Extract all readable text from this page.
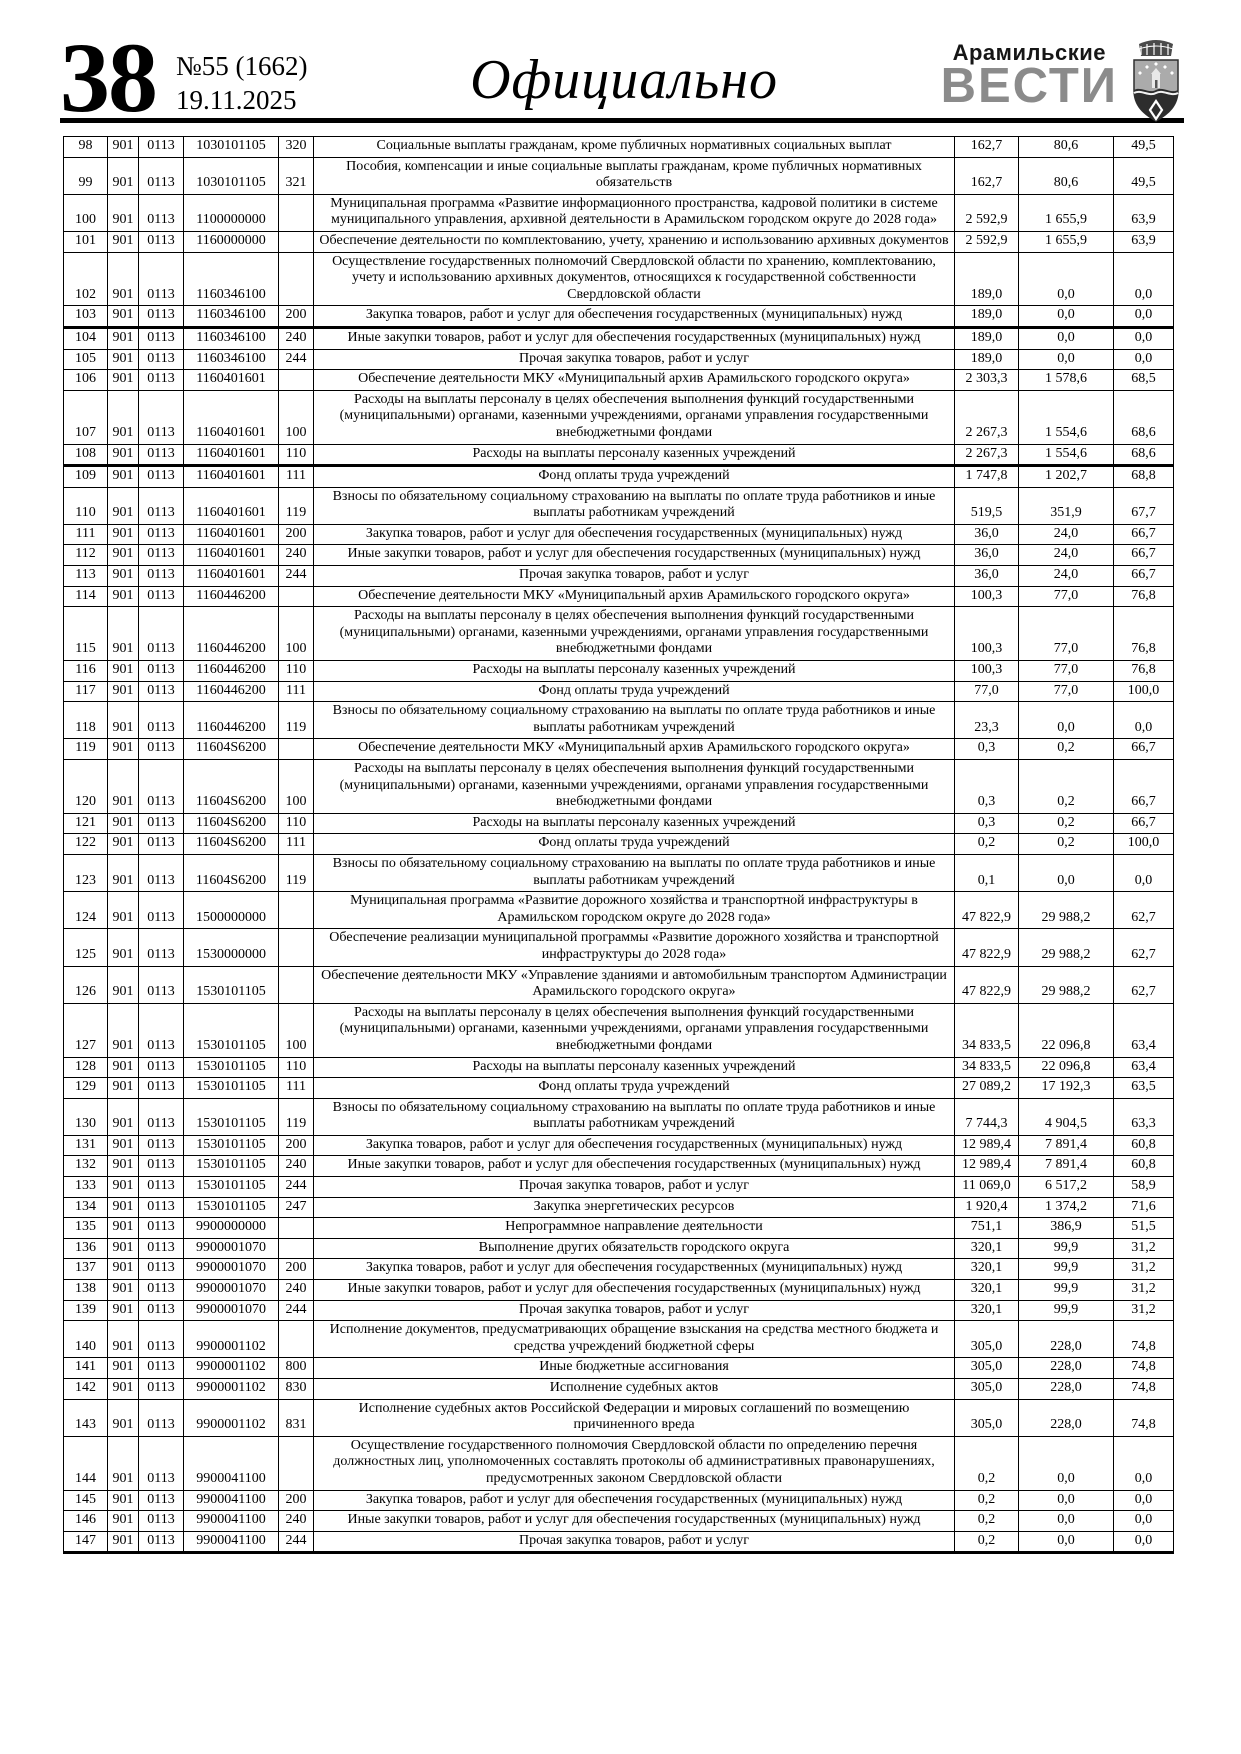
38 №55 (1662)
19.11.2025	Официально	Арамильские
ВЕСТИ
98	901	0113	1030101105	320	Социальные выплаты гражданам, кроме публичных нормативных социальных выплат	162,7	80,6	49,5
99	901	0113	1030101105	321	Пособия, компенсации и иные социальные выплаты гражданам, кроме публичных нормативных обязательств	162,7	80,6	49,5
100	901	0113	1100000000		Муниципальная программа «Развитие информационного пространства, кадровой политики в системе муниципального управления, архивной деятельности в Арамильском городском округе до 2028 года»	2 592,9	1 655,9	63,9
101	901	0113	1160000000		Обеспечение деятельности по комплектованию, учету, хранению и использованию архивных документов	2 592,9	1 655,9	63,9
102	901	0113	1160346100		Осуществление государственных полномочий Свердловской области по хранению, комплектованию, учету и использованию архивных документов, относящихся к государственной собственности Свердловской области	189,0	0,0	0,0
103	901	0113	1160346100	200	Закупка товаров, работ и услуг для обеспечения государственных (муниципальных) нужд	189,0	0,0	0,0
104	901	0113	1160346100	240	Иные закупки товаров, работ и услуг для обеспечения государственных (муниципальных) нужд	189,0	0,0	0,0
105	901	0113	1160346100	244	Прочая закупка товаров, работ и услуг	189,0	0,0	0,0
106	901	0113	1160401601		Обеспечение деятельности МКУ «Муниципальный архив Арамильского городского округа»	2 303,3	1 578,6	68,5
107	901	0113	1160401601	100	Расходы на выплаты персоналу в целях обеспечения выполнения функций государственными (муниципальными) органами, казенными учреждениями, органами управления государственными внебюджетными фондами	2 267,3	1 554,6	68,6
108	901	0113	1160401601	110	Расходы на выплаты персоналу казенных учреждений	2 267,3	1 554,6	68,6
109	901	0113	1160401601	111	Фонд оплаты труда учреждений	1 747,8	1 202,7	68,8
110	901	0113	1160401601	119	Взносы по обязательному социальному страхованию на выплаты по оплате труда работников и иные выплаты работникам учреждений	519,5	351,9	67,7
111	901	0113	1160401601	200	Закупка товаров, работ и услуг для обеспечения государственных (муниципальных) нужд	36,0	24,0	66,7
112	901	0113	1160401601	240	Иные закупки товаров, работ и услуг для обеспечения государственных (муниципальных) нужд	36,0	24,0	66,7
113	901	0113	1160401601	244	Прочая закупка товаров, работ и услуг	36,0	24,0	66,7
114	901	0113	1160446200		Обеспечение деятельности МКУ «Муниципальный архив Арамильского городского округа»	100,3	77,0	76,8
115	901	0113	1160446200	100	Расходы на выплаты персоналу в целях обеспечения выполнения функций государственными (муниципальными) органами, казенными учреждениями, органами управления государственными внебюджетными фондами	100,3	77,0	76,8
116	901	0113	1160446200	110	Расходы на выплаты персоналу казенных учреждений	100,3	77,0	76,8
117	901	0113	1160446200	111	Фонд оплаты труда учреждений	77,0	77,0	100,0
118	901	0113	1160446200	119	Взносы по обязательному социальному страхованию на выплаты по оплате труда работников и иные выплаты работникам учреждений	23,3	0,0	0,0
119	901	0113	11604S6200		Обеспечение деятельности МКУ «Муниципальный архив Арамильского городского округа»	0,3	0,2	66,7
120	901	0113	11604S6200	100	Расходы на выплаты персоналу в целях обеспечения выполнения функций государственными (муниципальными) органами, казенными учреждениями, органами управления государственными внебюджетными фондами	0,3	0,2	66,7
121	901	0113	11604S6200	110	Расходы на выплаты персоналу казенных учреждений	0,3	0,2	66,7
122	901	0113	11604S6200	111	Фонд оплаты труда учреждений	0,2	0,2	100,0
123	901	0113	11604S6200	119	Взносы по обязательному социальному страхованию на выплаты по оплате труда работников и иные выплаты работникам учреждений	0,1	0,0	0,0
124	901	0113	1500000000		Муниципальная программа «Развитие дорожного хозяйства и транспортной инфраструктуры в Арамильском городском округе до 2028 года»	47 822,9	29 988,2	62,7
125	901	0113	1530000000		Обеспечение реализации муниципальной программы «Развитие дорожного хозяйства и транспортной инфраструктуры до 2028 года»	47 822,9	29 988,2	62,7
126	901	0113	1530101105		Обеспечение деятельности МКУ «Управление зданиями и автомобильным транспортом Администрации Арамильского городского округа»	47 822,9	29 988,2	62,7
127	901	0113	1530101105	100	Расходы на выплаты персоналу в целях обеспечения выполнения функций государственными (муниципальными) органами, казенными учреждениями, органами управления государственными внебюджетными фондами	34 833,5	22 096,8	63,4
128	901	0113	1530101105	110	Расходы на выплаты персоналу казенных учреждений	34 833,5	22 096,8	63,4
129	901	0113	1530101105	111	Фонд оплаты труда учреждений	27 089,2	17 192,3	63,5
130	901	0113	1530101105	119	Взносы по обязательному социальному страхованию на выплаты по оплате труда работников и иные выплаты работникам учреждений	7 744,3	4 904,5	63,3
131	901	0113	1530101105	200	Закупка товаров, работ и услуг для обеспечения государственных (муниципальных) нужд	12 989,4	7 891,4	60,8
132	901	0113	1530101105	240	Иные закупки товаров, работ и услуг для обеспечения государственных (муниципальных) нужд	12 989,4	7 891,4	60,8
133	901	0113	1530101105	244	Прочая закупка товаров, работ и услуг	11 069,0	6 517,2	58,9
134	901	0113	1530101105	247	Закупка энергетических ресурсов	1 920,4	1 374,2	71,6
135	901	0113	9900000000		Непрограммное направление деятельности	751,1	386,9	51,5
136	901	0113	9900001070		Выполнение других обязательств городского округа	320,1	99,9	31,2
137	901	0113	9900001070	200	Закупка товаров, работ и услуг для обеспечения государственных (муниципальных) нужд	320,1	99,9	31,2
138	901	0113	9900001070	240	Иные закупки товаров, работ и услуг для обеспечения государственных (муниципальных) нужд	320,1	99,9	31,2
139	901	0113	9900001070	244	Прочая закупка товаров, работ и услуг	320,1	99,9	31,2
140	901	0113	9900001102		Исполнение документов, предусматривающих обращение взыскания на средства местного бюджета и средства учреждений бюджетной сферы	305,0	228,0	74,8
141	901	0113	9900001102	800	Иные бюджетные ассигнования	305,0	228,0	74,8
142	901	0113	9900001102	830	Исполнение судебных актов	305,0	228,0	74,8
143	901	0113	9900001102	831	Исполнение судебных актов Российской Федерации и мировых соглашений по возмещению причиненного вреда	305,0	228,0	74,8
144	901	0113	9900041100		Осуществление государственного полномочия Свердловской области по определению перечня должностных лиц, уполномоченных составлять протоколы об административных правонарушениях, предусмотренных законом Свердловской области	0,2	0,0	0,0
145	901	0113	9900041100	200	Закупка товаров, работ и услуг для обеспечения государственных (муниципальных) нужд	0,2	0,0	0,0
146	901	0113	9900041100	240	Иные закупки товаров, работ и услуг для обеспечения государственных (муниципальных) нужд	0,2	0,0	0,0
147	901	0113	9900041100	244	Прочая закупка товаров, работ и услуг	0,2	0,0	0,0
